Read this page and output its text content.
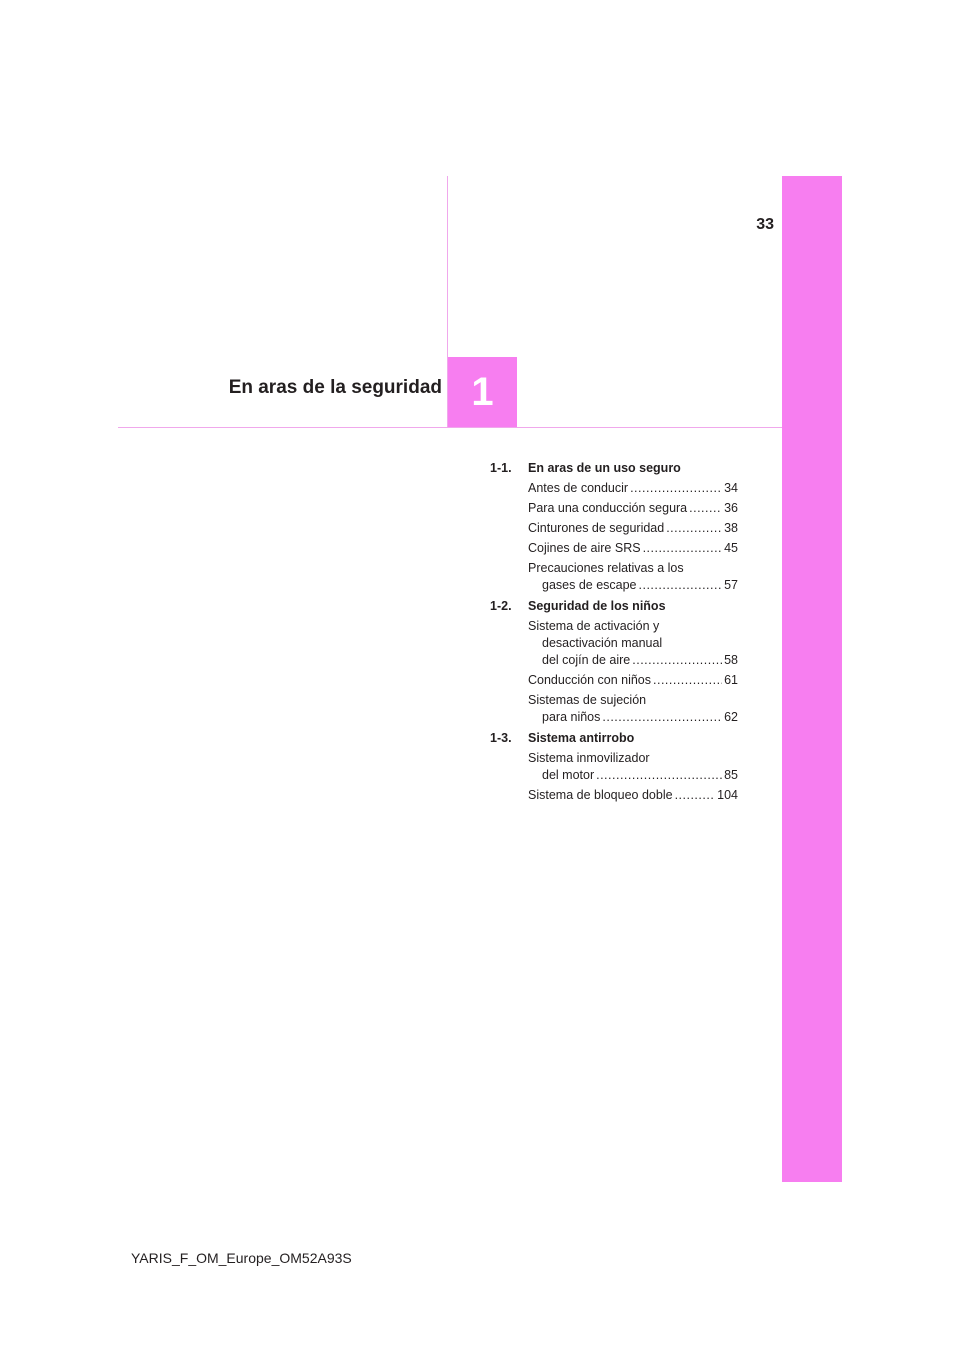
33
En aras de la seguridad 1
1-1.	En aras de un uso seguro
Antes de conducir .....	34
Para una conducción segura .....	36
Cinturones de seguridad .....	38
Cojines de aire SRS .....	45
Precauciones relativas a los
gases de escape .....	57
1-2.	Seguridad de los niños
Sistema de activación y
desactivación manual
del cojín de aire .....	58
Conducción con niños .....	61
Sistemas de sujeción
para niños .....	62
1-3.	Sistema antirrobo
Sistema inmovilizador
del motor .....	85
Sistema de bloqueo doble .....	104
YARIS_F_OM_Europe_OM52A93S
